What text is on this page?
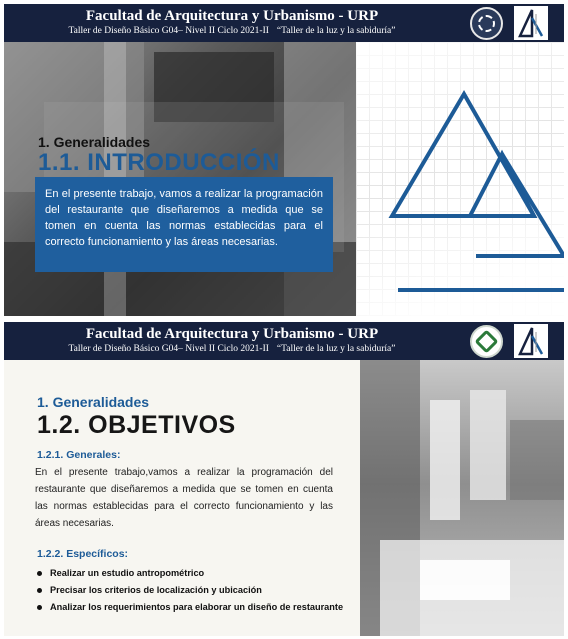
Facultad de Arquitectura y Urbanismo - URP
Taller de Diseño Básico G04– Nivel II Ciclo 2021-II “Taller de la luz y la sabiduría”
1. Generalidades
1.1. INTRODUCCIÓN

En el presente trabajo, vamos a realizar la programación del restaurante que diseñaremos a medida que se tomen en cuenta las normas establecidas para el correcto funcionamiento y las áreas necesarias.

Facultad de Arquitectura y Urbanismo - URP
Taller de Diseño Básico G04– Nivel II Ciclo 2021-II “Taller de la luz y la sabiduría”
1. Generalidades
1.2. OBJETIVOS
1.2.1. Generales:

En el presente trabajo,vamos a realizar la programación del restaurante que diseñaremos a medida que se tomen en cuenta las normas establecidas para el correcto funcionamiento y las áreas necesarias.

1.2.2. Específicos:
Realizar un estudio antropométrico
Precisar los criterios de localización y ubicación
Analizar los requerimientos para elaborar un diseño de restaurante
